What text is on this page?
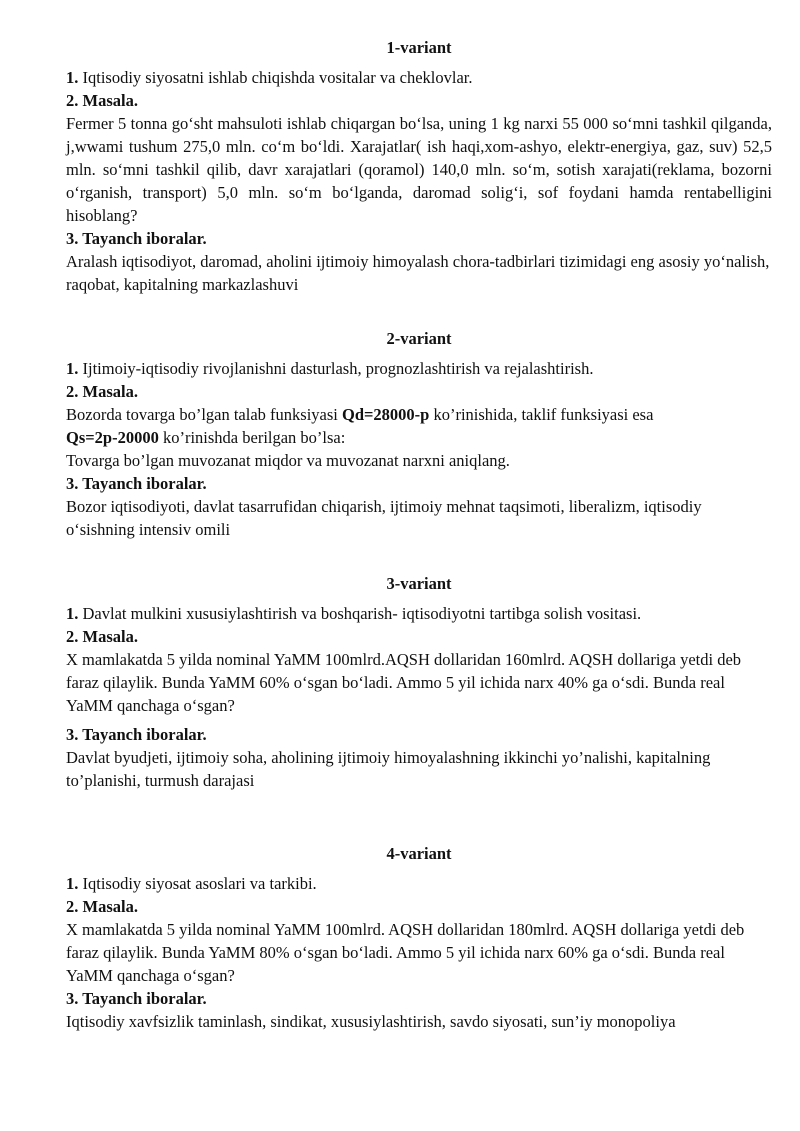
1-variant

1. Iqtisodiy siyosatni ishlab chiqishda vositalar va cheklovlar.

2. Masala.

Fermer 5 tonna go‘sht mahsuloti ishlab chiqargan bo‘lsa, uning 1 kg narxi 55 000 so‘mni tashkil qilganda, j,wwami tushum 275,0 mln. co‘m bo‘ldi. Xarajatlar( ish haqi,xom-ashyo, elektr-energiya, gaz, suv) 52,5 mln. so‘mni tashkil qilib, davr xarajatlari (qoramol) 140,0 mln. so‘m, sotish xarajati(reklama, bozorni o‘rganish, transport) 5,0 mln. so‘m bo‘lganda, daromad solig‘i, sof foydani hamda rentabelligini hisoblang?

3. Tayanch iboralar.

Aralash iqtisodiyot, daromad, aholini ijtimoiy himoyalash chora-tadbirlari tizimidagi eng asosiy yo‘nalish, raqobat, kapitalning markazlashuvi

2-variant

1. Ijtimoiy-iqtisodiy rivojlanishni dasturlash, prognozlashtirish va rejalashtirish.

2. Masala.

Bozorda tovarga bo’lgan talab funksiyasi Qd=28000-p ko’rinishida, taklif funksiyasi esa

Qs=2p-20000 ko’rinishda berilgan bo’lsa:

Tovarga bo’lgan muvozanat miqdor va muvozanat narxni aniqlang.

3. Tayanch iboralar.

Bozor iqtisodiyoti, davlat tasarrufidan chiqarish, ijtimoiy mehnat taqsimoti, liberalizm, iqtisodiy o‘sishning intensiv omili

3-variant

1. Davlat mulkini xususiylashtirish va boshqarish- iqtisodiyotni tartibga solish vositasi.

2. Masala.

X mamlakatda 5 yilda nominal YaMM 100mlrd.AQSH dollaridan 160mlrd. AQSH dollariga yetdi deb faraz qilaylik. Bunda YaMM 60% o‘sgan bo‘ladi. Ammo 5 yil ichida narx 40% ga o‘sdi. Bunda real YaMM qanchaga o‘sgan?

3. Tayanch iboralar.

Davlat byudjeti, ijtimoiy soha, aholining ijtimoiy himoyalashning ikkinchi yo’nalishi, kapitalning to’planishi, turmush darajasi

4-variant

1. Iqtisodiy siyosat asoslari va tarkibi.

2. Masala.

X mamlakatda 5 yilda nominal YaMM 100mlrd. AQSH dollaridan 180mlrd. AQSH dollariga yetdi deb faraz qilaylik. Bunda YaMM 80% o‘sgan bo‘ladi. Ammo 5 yil ichida narx 60% ga o‘sdi. Bunda real YaMM qanchaga o‘sgan?

3. Tayanch iboralar.

Iqtisodiy xavfsizlik taminlash, sindikat, xususiylashtirish, savdo siyosati, sun’iy monopoliya
